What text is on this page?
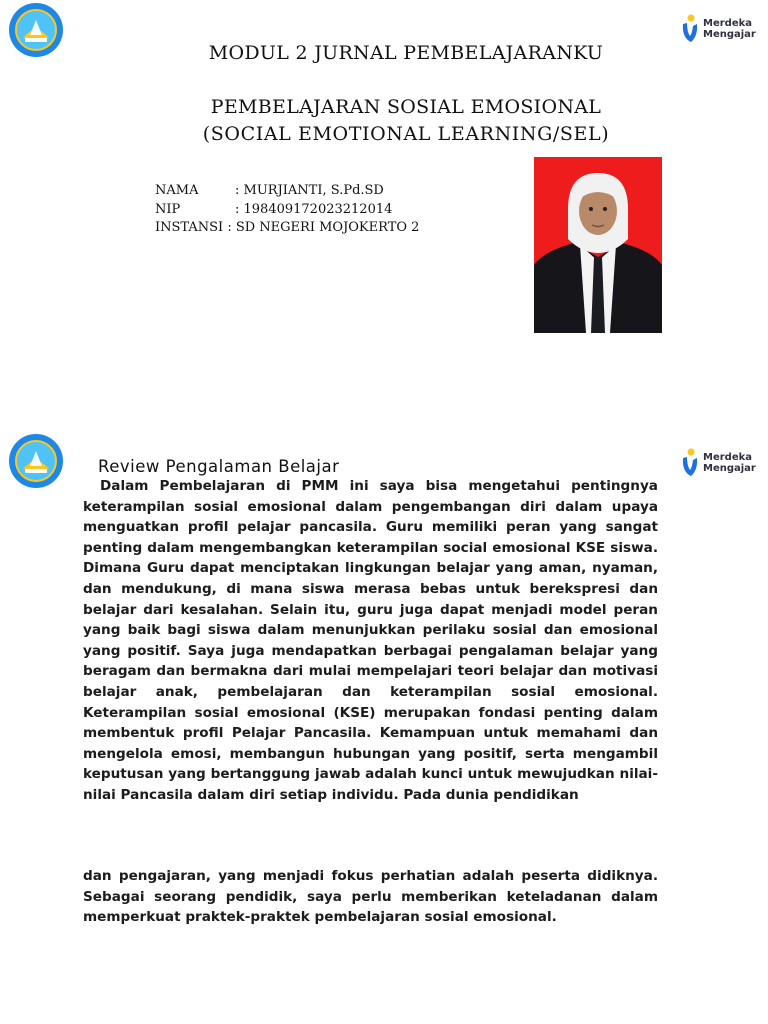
Merdeka
Mengajar
MODUL 2 JURNAL PEMBELAJARANKU
PEMBELAJARAN SOSIAL EMOSIONAL
(SOCIAL EMOTIONAL LEARNING/SEL)
NAMA	: MURJIANTI, S.Pd.SD
NIP	: 198409172023212014
INSTANSI : SD NEGERI MOJOKERTO 2
Merdeka
Mengajar
Review Pengalaman Belajar

Dalam Pembelajaran di PMM ini saya bisa mengetahui pentingnya keterampilan sosial emosional dalam pengembangan diri dalam upaya menguatkan profil pelajar pancasila. Guru memiliki peran yang sangat penting dalam mengembangkan keterampilan social emosional KSE siswa. Dimana Guru dapat menciptakan lingkungan belajar yang aman, nyaman, dan mendukung, di mana siswa merasa bebas untuk berekspresi dan belajar dari kesalahan. Selain itu, guru juga dapat menjadi model peran yang baik bagi siswa dalam menunjukkan perilaku sosial dan emosional yang positif. Saya juga mendapatkan berbagai pengalaman belajar yang beragam dan bermakna dari mulai mempelajari teori belajar dan motivasi belajar anak, pembelajaran dan keterampilan sosial emosional. Keterampilan sosial emosional (KSE) merupakan fondasi penting dalam membentuk profil Pelajar Pancasila. Kemampuan untuk memahami dan mengelola emosi, membangun hubungan yang positif, serta mengambil keputusan yang bertanggung jawab adalah kunci untuk mewujudkan nilai-nilai Pancasila dalam diri setiap individu. Pada dunia pendidikan

dan pengajaran, yang menjadi fokus perhatian adalah peserta didiknya. Sebagai seorang pendidik, saya perlu memberikan keteladanan dalam memperkuat praktek-praktek pembelajaran sosial emosional.
